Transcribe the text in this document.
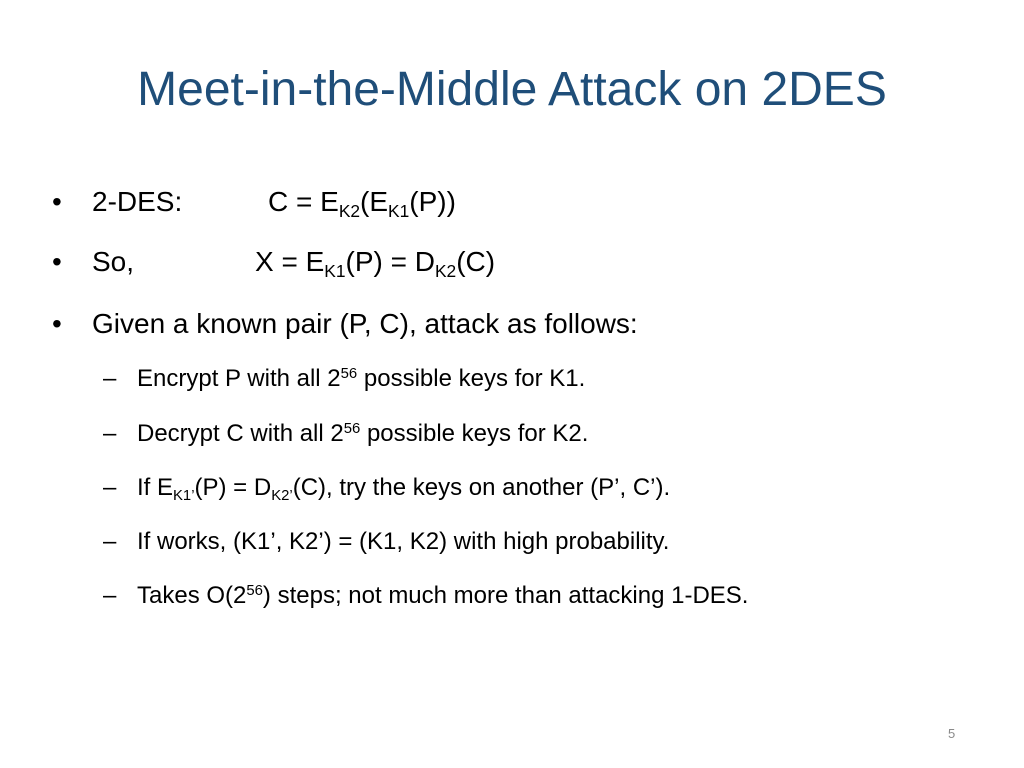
Meet-in-the-Middle Attack on 2DES
• 2-DES:	$C = E_{K2}(E_{K1}(P))$
• So,	$X = E_{K1}(P) = D_{K2}(C)$
• Given a known pair (P, C), attack as follows:
– Encrypt P with all $2^{56}$ possible keys for K1.
– Decrypt C with all $2^{56}$ possible keys for K2.
– If $E_{K1’}(P) = D_{K2’}(C)$, try the keys on another (P’, C’).
– If works, (K1’, K2’) = (K1, K2) with high probability.
– Takes $O(2^{56})$ steps; not much more than attacking 1-DES.
5
